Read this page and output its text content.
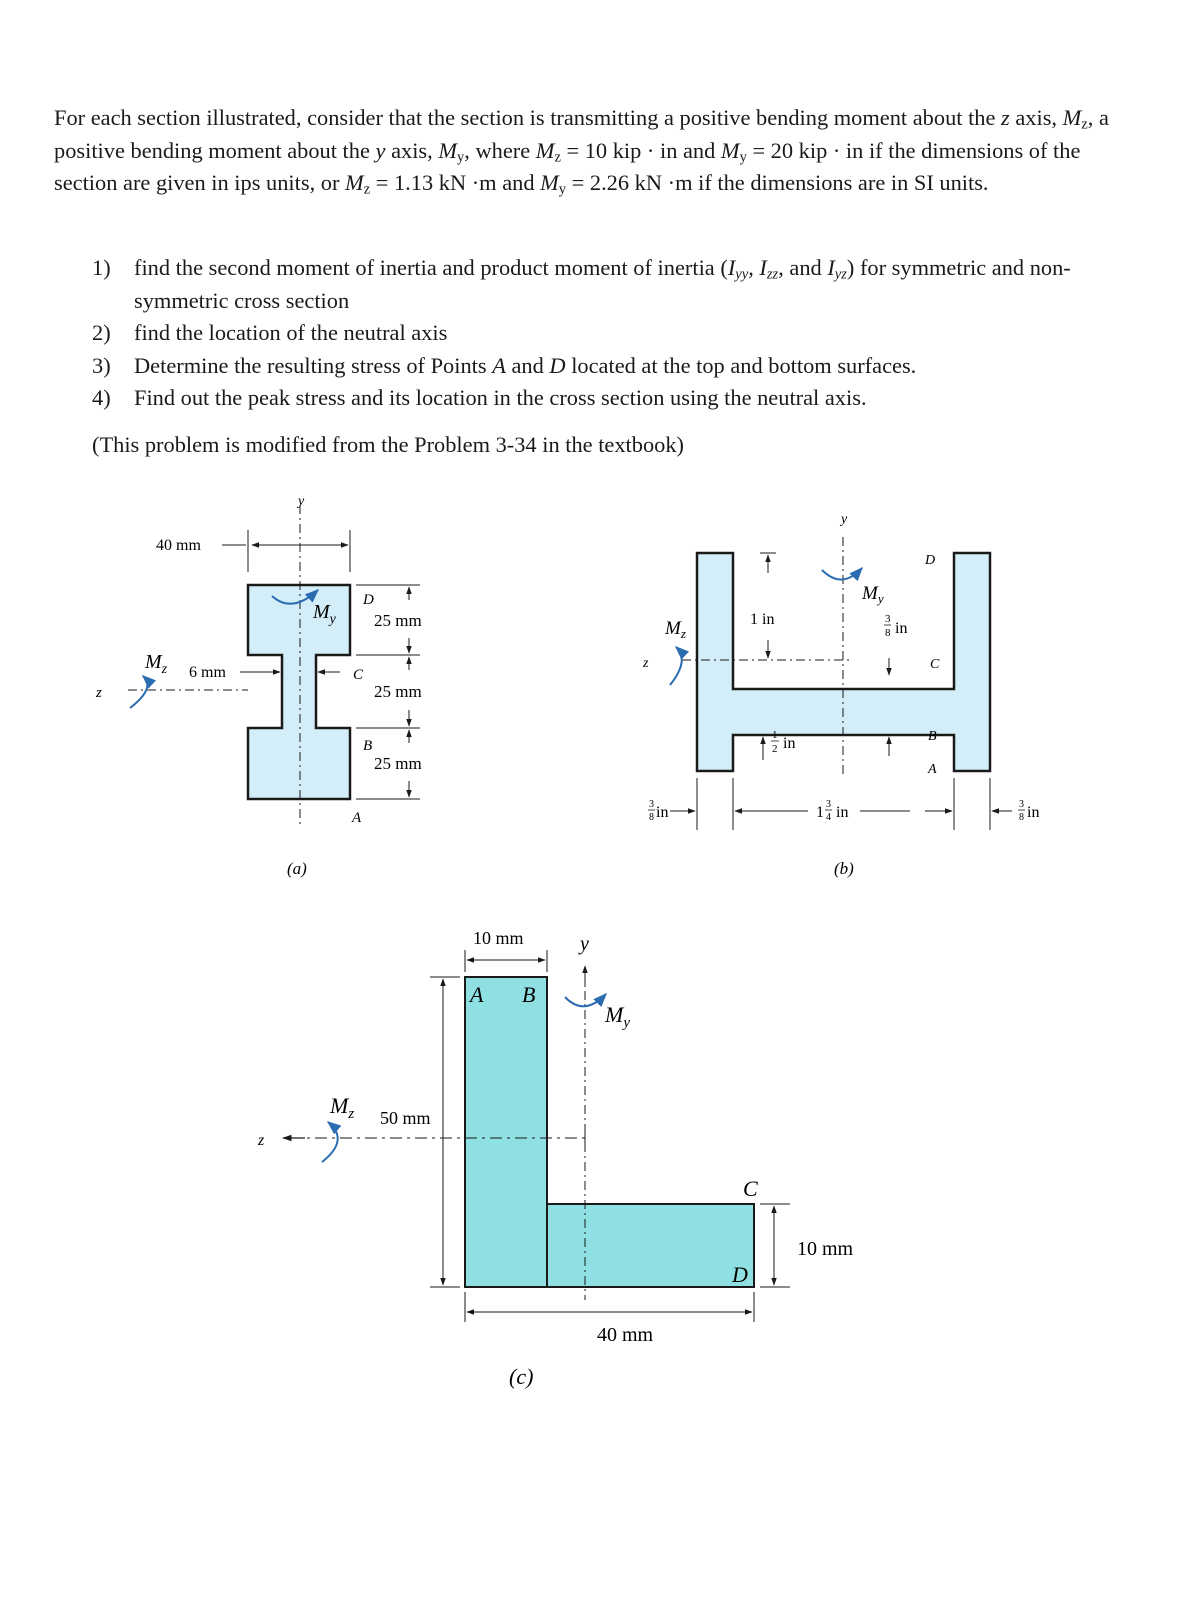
For each section illustrated, consider that the section is transmitting a positive bending moment about the z axis, $M_z$, a positive bending moment about the y axis, $M_y$, where $M_z = 10$ kip · in and $M_y = 20$ kip · in if the dimensions of the section are given in ips units, or $M_z = 1.13$ kN ·m and $M_y = 2.26$ kN ·m if the dimensions are in SI units.

1) find the second moment of inertia and product moment of inertia ($I_{yy}$, $I_{zz}$, and $I_{yz}$) for symmetric and non-symmetric cross section
2) find the location of the neutral axis
3) Determine the resulting stress of Points A and D located at the top and bottom surfaces.
4) Find out the peak stress and its location in the cross section using the neutral axis.

(This problem is modified from the Problem 3-34 in the textbook)

y
z
40 mm
6 mm
25 mm
25 mm
25 mm
D
C
B
A
$M_y$
$M_z$
(a)
y
z
1 in
1
2 in
3
8 in
3
8 in	1 3
4 in	3
8 in
D
C
B
A
$M_y$
$M_z$
(b)
y
z
10 mm
50 mm
10 mm
40 mm
A B
C
D
$M_y$
$M_z$
(c)
